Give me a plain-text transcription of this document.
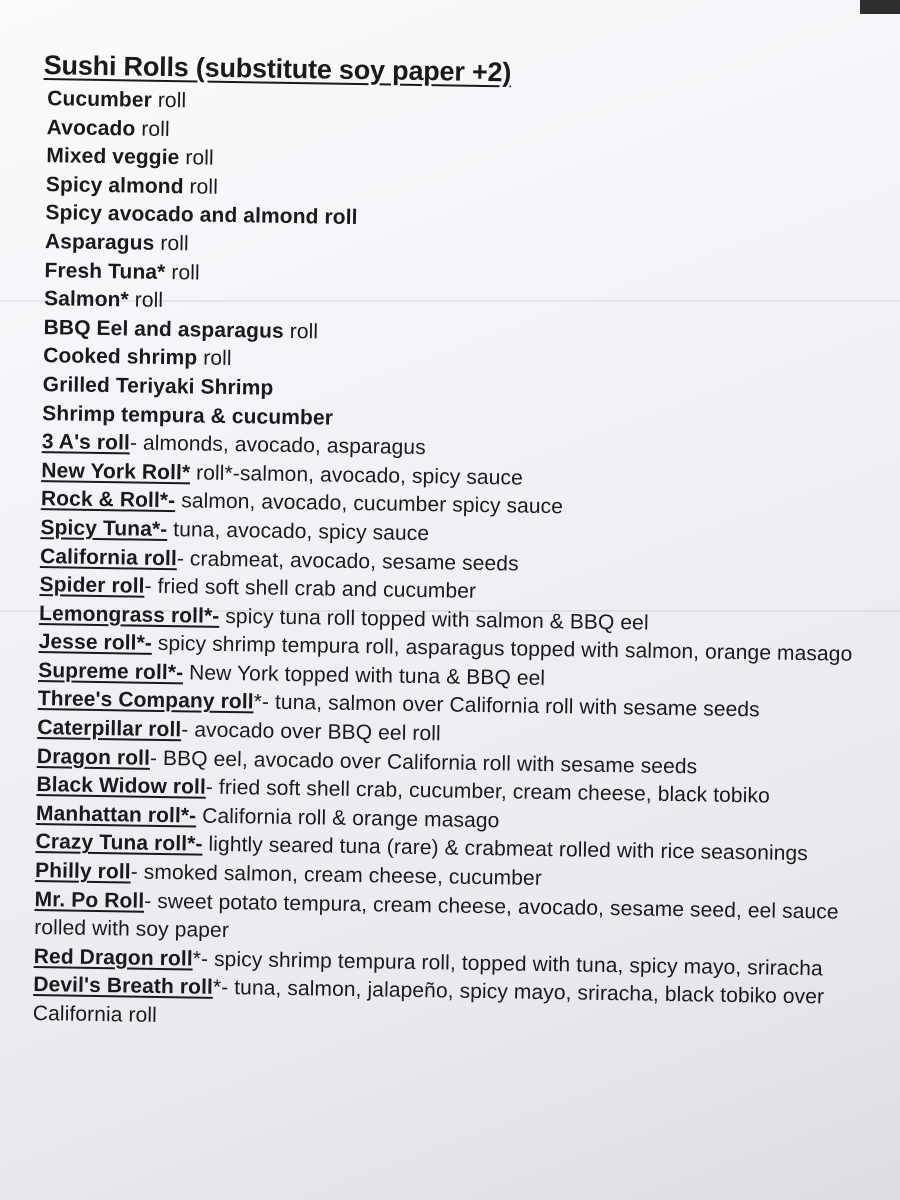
Sushi Rolls (substitute soy paper +2)
Cucumber roll
Avocado roll
Mixed veggie roll
Spicy almond roll
Spicy avocado and almond roll
Asparagus roll
Fresh Tuna* roll
Salmon* roll
BBQ Eel and asparagus roll
Cooked shrimp roll
Grilled Teriyaki Shrimp
Shrimp tempura & cucumber
3 A's roll- almonds, avocado, asparagus
New York Roll* roll*-salmon, avocado, spicy sauce
Rock & Roll*- salmon, avocado, cucumber spicy sauce
Spicy Tuna*- tuna, avocado, spicy sauce
California roll- crabmeat, avocado, sesame seeds
Spider roll- fried soft shell crab and cucumber
Lemongrass roll*- spicy tuna roll topped with salmon & BBQ eel
Jesse roll*- spicy shrimp tempura roll, asparagus topped with salmon, orange masago
Supreme roll*- New York topped with tuna & BBQ eel
Three's Company roll*- tuna, salmon over California roll with sesame seeds
Caterpillar roll- avocado over BBQ eel roll
Dragon roll- BBQ eel, avocado over California roll with sesame seeds
Black Widow roll- fried soft shell crab, cucumber, cream cheese, black tobiko
Manhattan roll*- California roll & orange masago
Crazy Tuna roll*- lightly seared tuna (rare) & crabmeat rolled with rice seasonings
Philly roll- smoked salmon, cream cheese, cucumber
Mr. Po Roll- sweet potato tempura, cream cheese, avocado, sesame seed, eel sauce rolled with soy paper
Red Dragon roll*- spicy shrimp tempura roll, topped with tuna, spicy mayo, sriracha
Devil's Breath roll*- tuna, salmon, jalapeño, spicy mayo, sriracha, black tobiko over California roll
